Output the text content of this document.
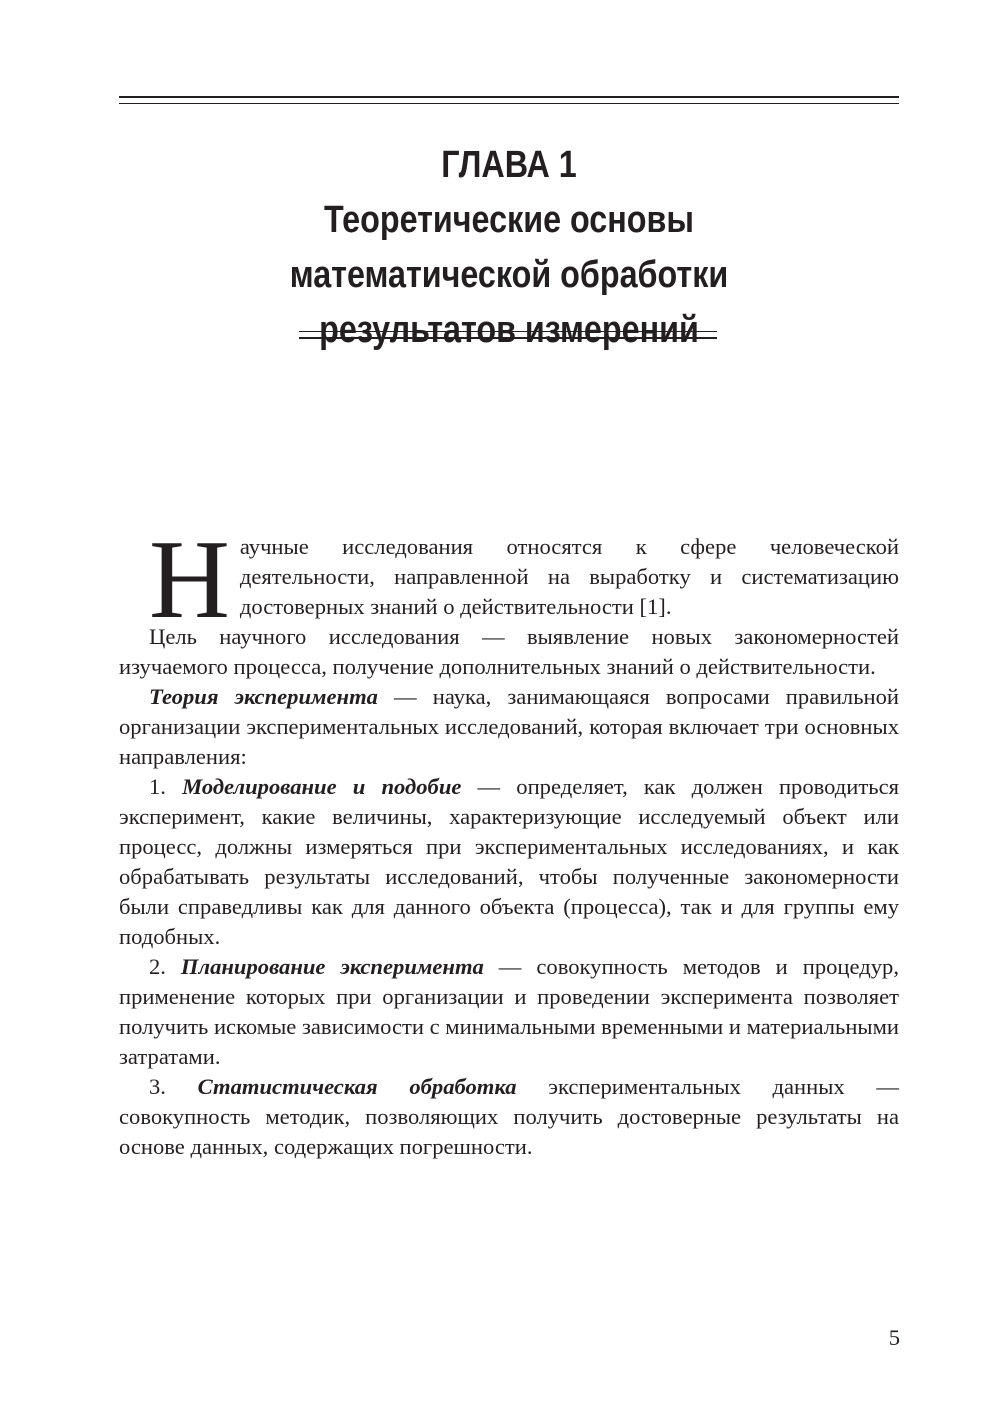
ГЛАВА 1
Теоретические основы
математической обработки
результатов измерений

Научные исследования относятся к сфере человеческой деятельности, направленной на выработку и систематизацию достоверных знаний о действительности [1].

Цель научного исследования — выявление новых закономерностей изучаемого процесса, получение дополнительных знаний о действительности.

Теория эксперимента — наука, занимающаяся вопросами правильной организации экспериментальных исследований, которая включает три основных направления:

1. Моделирование и подобие — определяет, как должен проводиться эксперимент, какие величины, характеризующие исследуемый объект или процесс, должны измеряться при экспериментальных исследованиях, и как обрабатывать результаты исследований, чтобы полученные закономерности были справедливы как для данного объекта (процесса), так и для группы ему подобных.

2. Планирование эксперимента — совокупность методов и процедур, применение которых при организации и проведении эксперимента позволяет получить искомые зависимости с минимальными временными и материальными затратами.

3. Статистическая обработка экспериментальных данных — совокупность методик, позволяющих получить достоверные результаты на основе данных, содержащих погрешности.

5
